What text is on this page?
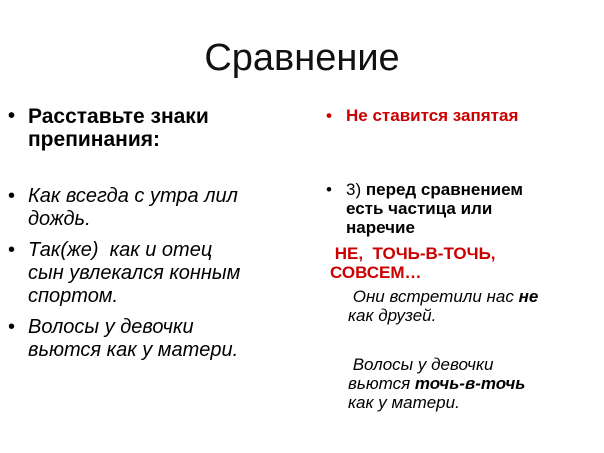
Сравнение
• Расставьте знаки
препинания:
• Как всегда с утра лил
дождь.
• Так(же)  как и отец
сын увлекался конным
спортом.
• Волосы у девочки
вьются как у матери.
• Не ставится запятая
• 3) перед сравнением
есть частица или
наречие
НЕ,  ТОЧЬ-В-ТОЧЬ,
СОВСЕМ…
Они встретили нас не
как друзей.
Волосы у девочки
вьются точь-в-точь
как у матери.
